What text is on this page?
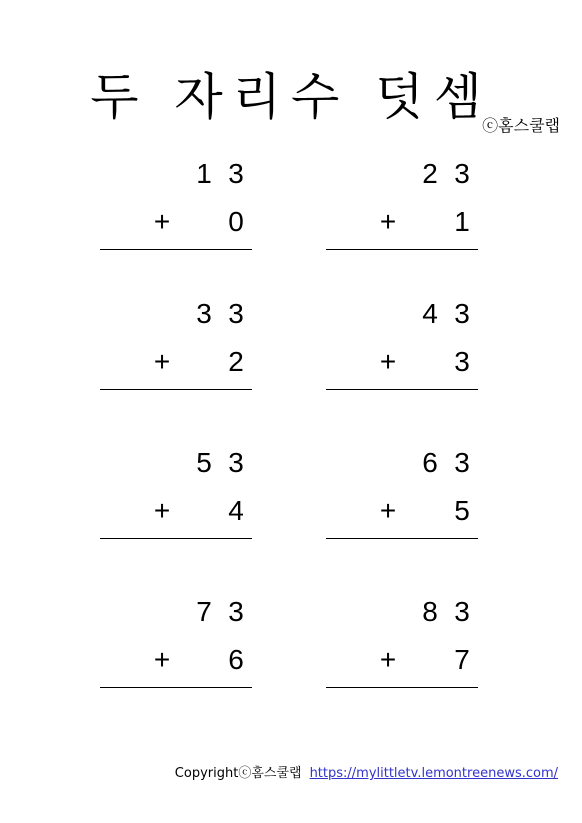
두 자리수 덧셈
ⓒ홈스쿨랩
1 3
+ 0
2 3
+ 1
3 3
+ 2
4 3
+ 3
5 3
+ 4
6 3
+ 5
7 3
+ 6
8 3
+ 7
Copyrightⓒ홈스쿨랩 https://mylittletv.lemontreenews.com/
